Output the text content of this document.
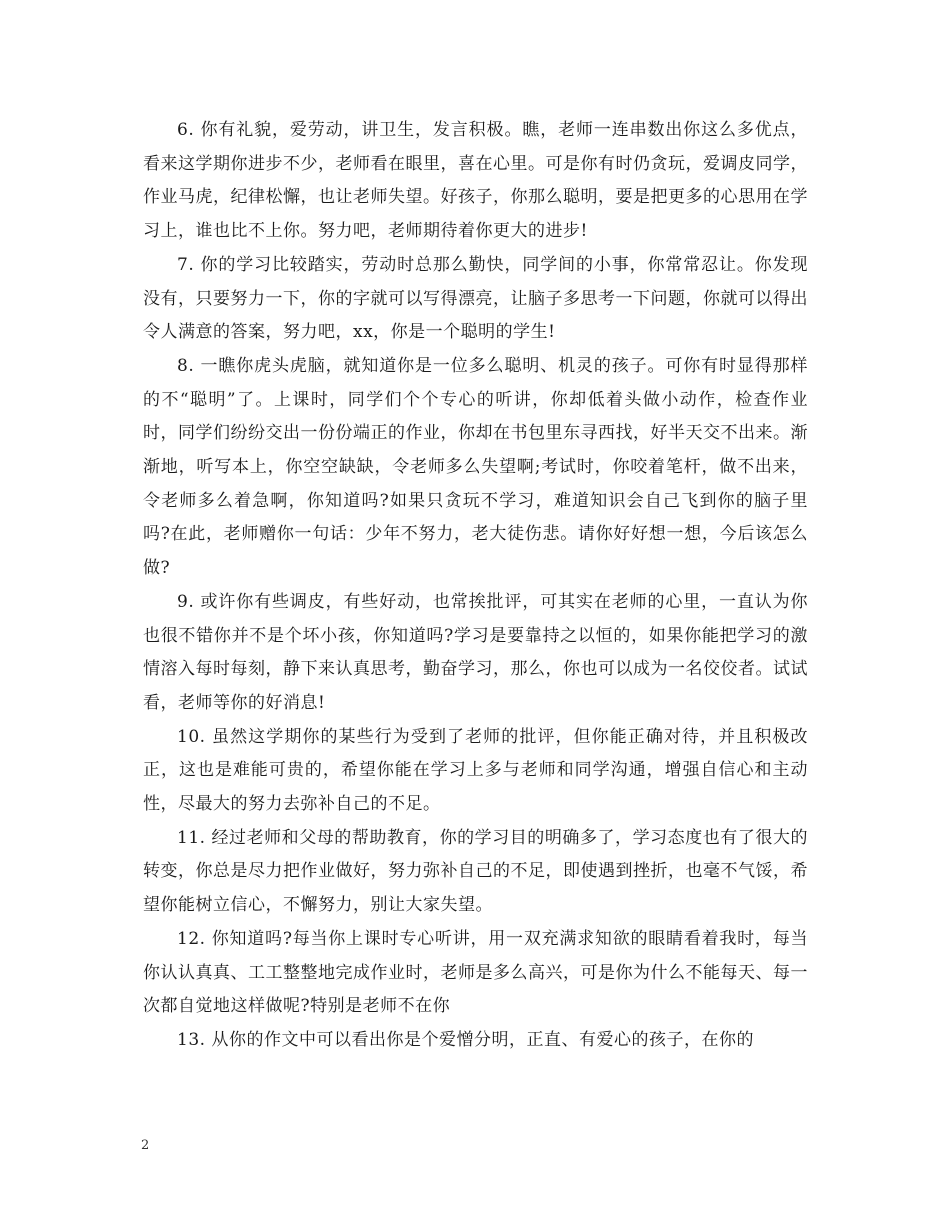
6. 你有礼貌，爱劳动，讲卫生，发言积极。瞧，老师一连串数出你这么多优点，看来这学期你进步不少，老师看在眼里，喜在心里。可是你有时仍贪玩，爱调皮同学，作业马虎，纪律松懈，也让老师失望。好孩子，你那么聪明，要是把更多的心思用在学习上，谁也比不上你。努力吧，老师期待着你更大的进步!

7. 你的学习比较踏实，劳动时总那么勤快，同学间的小事，你常常忍让。你发现没有，只要努力一下，你的字就可以写得漂亮，让脑子多思考一下问题，你就可以得出令人满意的答案，努力吧，xx，你是一个聪明的学生!

8. 一瞧你虎头虎脑，就知道你是一位多么聪明、机灵的孩子。可你有时显得那样的不“聪明”了。上课时，同学们个个专心的听讲，你却低着头做小动作，检查作业时，同学们纷纷交出一份份端正的作业，你却在书包里东寻西找，好半天交不出来。渐渐地，听写本上，你空空缺缺，令老师多么失望啊;考试时，你咬着笔杆，做不出来，令老师多么着急啊，你知道吗?如果只贪玩不学习，难道知识会自己飞到你的脑子里吗?在此，老师赠你一句话：少年不努力，老大徒伤悲。请你好好想一想，今后该怎么做?

9. 或许你有些调皮，有些好动，也常挨批评，可其实在老师的心里，一直认为你也很不错你并不是个坏小孩，你知道吗?学习是要靠持之以恒的，如果你能把学习的激情溶入每时每刻，静下来认真思考，勤奋学习，那么，你也可以成为一名佼佼者。试试看，老师等你的好消息!

10. 虽然这学期你的某些行为受到了老师的批评，但你能正确对待，并且积极改正，这也是难能可贵的，希望你能在学习上多与老师和同学沟通，增强自信心和主动性，尽最大的努力去弥补自己的不足。

11. 经过老师和父母的帮助教育，你的学习目的明确多了，学习态度也有了很大的转变，你总是尽力把作业做好，努力弥补自己的不足，即使遇到挫折，也毫不气馁，希望你能树立信心，不懈努力，别让大家失望。

12. 你知道吗?每当你上课时专心听讲，用一双充满求知欲的眼睛看着我时，每当你认认真真、工工整整地完成作业时，老师是多么高兴，可是你为什么不能每天、每一次都自觉地这样做呢?特别是老师不在你

13. 从你的作文中可以看出你是个爱憎分明，正直、有爱心的孩子，在你的

2
